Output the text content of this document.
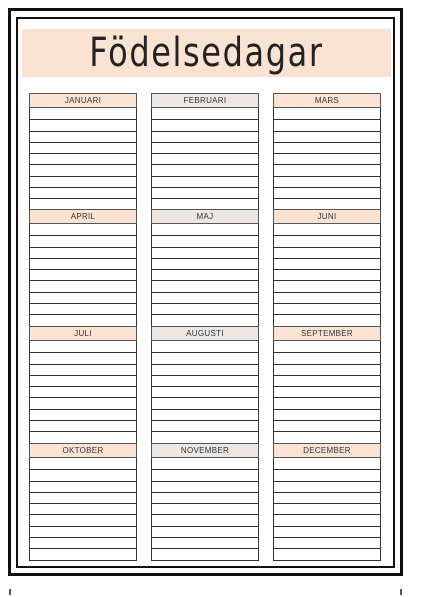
Födelsedagar
JANUARI	FEBRUARI	MARS
APRIL	MAJ	JUNI
JULI	AUGUSTI	SEPTEMBER
OKTOBER	NOVEMBER	DECEMBER
